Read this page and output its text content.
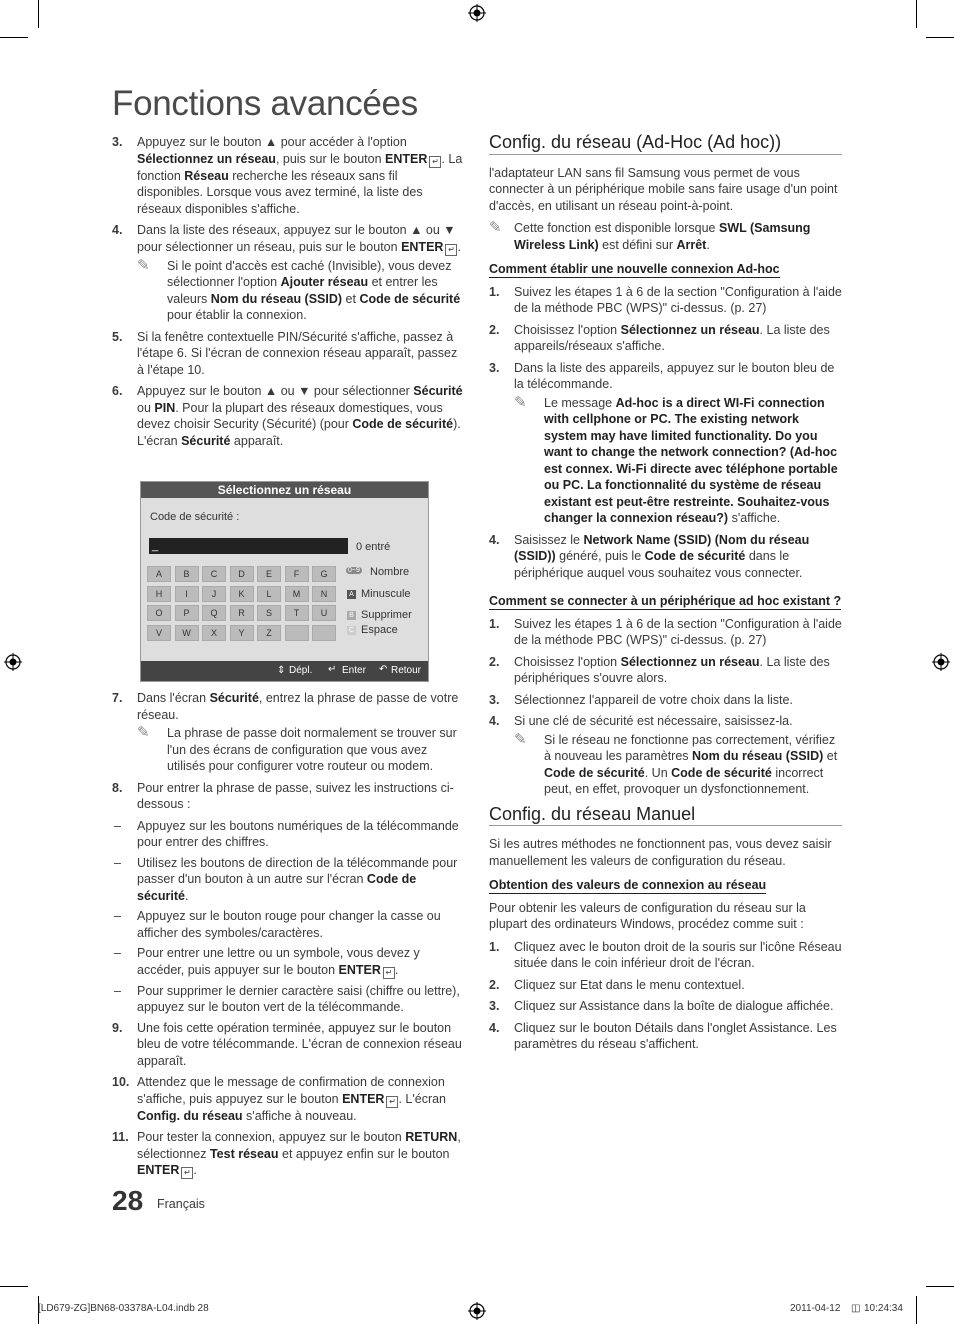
Fonctions avancées
3. Appuyez sur le bouton ▲ pour accéder à l'option Sélectionnez un réseau, puis sur le bouton ENTER ↵ . La fonction Réseau recherche les réseaux sans fil disponibles. Lorsque vous avez terminé, la liste des réseaux disponibles s'affiche.
4. Dans la liste des réseaux, appuyez sur le bouton ▲ ou ▼ pour sélectionner un réseau, puis sur le bouton ENTER ↵ .
✎ Si le point d'accès est caché (Invisible), vous devez sélectionner l'option Ajouter réseau et entrer les valeurs Nom du réseau (SSID) et Code de sécurité pour établir la connexion.
5. Si la fenêtre contextuelle PIN/Sécurité s'affiche, passez à l'étape 6. Si l'écran de connexion réseau apparaît, passez à l'étape 10.
6. Appuyez sur le bouton ▲ ou ▼ pour sélectionner Sécurité ou PIN. Pour la plupart des réseaux domestiques, vous devez choisir Security (Sécurité) (pour Code de sécurité). L'écran Sécurité apparaît.
Sélectionnez un réseau
Code de sécurité :
_	0 entré
A	B	C	D	E	F	G
H	I	J	K	L	M	N
O	P	Q	R	S	T	U
V	W	X	Y	Z
0~9 Nombre
A Minuscule
B Supprimer
C Espace
⇕ Dépl. ↵ Enter ↶ Retour
7. Dans l'écran Sécurité, entrez la phrase de passe de votre réseau.
✎ La phrase de passe doit normalement se trouver sur l'un des écrans de configuration que vous avez utilisés pour configurer votre routeur ou modem.
8. Pour entrer la phrase de passe, suivez les instructions ci-dessous :
– Appuyez sur les boutons numériques de la télécommande pour entrer des chiffres.
– Utilisez les boutons de direction de la télécommande pour passer d'un bouton à un autre sur l'écran Code de sécurité.
– Appuyez sur le bouton rouge pour changer la casse ou afficher des symboles/caractères.
– Pour entrer une lettre ou un symbole, vous devez y accéder, puis appuyer sur le bouton ENTER ↵ .
– Pour supprimer le dernier caractère saisi (chiffre ou lettre), appuyez sur le bouton vert de la télécommande.
9. Une fois cette opération terminée, appuyez sur le bouton bleu de votre télécommande. L'écran de connexion réseau apparaît.
10. Attendez que le message de confirmation de connexion s'affiche, puis appuyez sur le bouton ENTER ↵ . L'écran Config. du réseau s'affiche à nouveau.
11. Pour tester la connexion, appuyez sur le bouton RETURN, sélectionnez Test réseau et appuyez enfin sur le bouton ENTER ↵ .
Config. du réseau (Ad-Hoc (Ad hoc))
l'adaptateur LAN sans fil Samsung vous permet de vous connecter à un périphérique mobile sans faire usage d'un point d'accès, en utilisant un réseau point-à-point.
✎ Cette fonction est disponible lorsque SWL (Samsung Wireless Link) est défini sur Arrêt.
Comment établir une nouvelle connexion Ad-hoc
1. Suivez les étapes 1 à 6 de la section "Configuration à l'aide de la méthode PBC (WPS)" ci-dessus. (p. 27)
2. Choisissez l'option Sélectionnez un réseau. La liste des appareils/réseaux s'affiche.
3. Dans la liste des appareils, appuyez sur le bouton bleu de la télécommande.
✎ Le message Ad-hoc is a direct WI-Fi connection with cellphone or PC. The existing network system may have limited functionality. Do you want to change the network connection? (Ad-hoc est connex. Wi-Fi directe avec téléphone portable ou PC. La fonctionnalité du système de réseau existant est peut-être restreinte. Souhaitez-vous changer la connexion réseau?) s'affiche.
4. Saisissez le Network Name (SSID) (Nom du réseau (SSID)) généré, puis le Code de sécurité dans le périphérique auquel vous souhaitez vous connecter.
Comment se connecter à un périphérique ad hoc existant ?
1. Suivez les étapes 1 à 6 de la section "Configuration à l'aide de la méthode PBC (WPS)" ci-dessus. (p. 27)
2. Choisissez l'option Sélectionnez un réseau. La liste des périphériques s'ouvre alors.
3. Sélectionnez l'appareil de votre choix dans la liste.
4. Si une clé de sécurité est nécessaire, saisissez-la.
✎ Si le réseau ne fonctionne pas correctement, vérifiez à nouveau les paramètres Nom du réseau (SSID) et Code de sécurité. Un Code de sécurité incorrect peut, en effet, provoquer un dysfonctionnement.
Config. du réseau Manuel
Si les autres méthodes ne fonctionnent pas, vous devez saisir manuellement les valeurs de configuration du réseau.
Obtention des valeurs de connexion au réseau
Pour obtenir les valeurs de configuration du réseau sur la plupart des ordinateurs Windows, procédez comme suit :
1. Cliquez avec le bouton droit de la souris sur l'icône Réseau située dans le coin inférieur droit de l'écran.
2. Cliquez sur Etat dans le menu contextuel.
3. Cliquez sur Assistance dans la boîte de dialogue affichée.
4. Cliquez sur le bouton Détails dans l'onglet Assistance. Les paramètres du réseau s'affichent.
28 Français
[LD679-ZG]BN68-03378A-L04.indb 28	2011-04-12 ◫ 10:24:34
